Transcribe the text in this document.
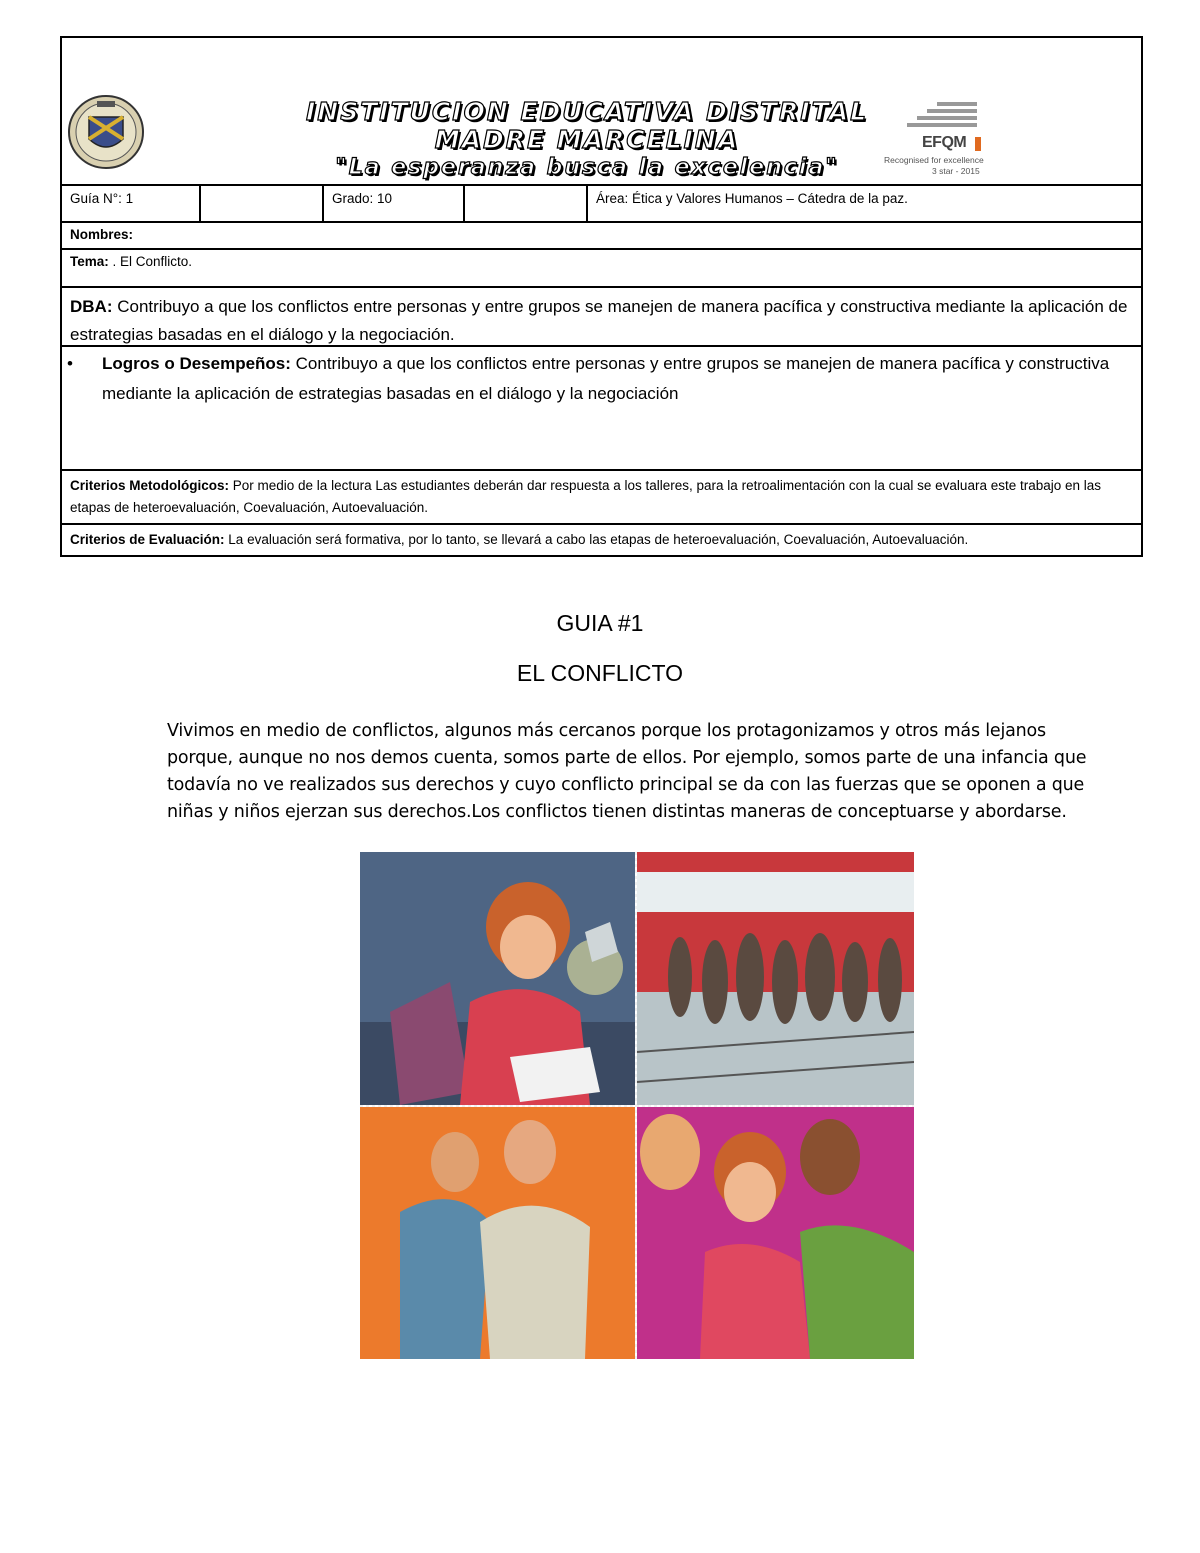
INSTITUCION EDUCATIVA DISTRITAL
MADRE MARCELINA
"La esperanza busca la excelencia"
EFQM
Recognised for excellence
3 star - 2015
Guía N°: 1	Grado: 10	Área: Ética y Valores Humanos – Cátedra de la paz.
Nombres:
Tema: . El Conflicto.
DBA: Contribuyo a que los conflictos entre personas y entre grupos se manejen de manera pacífica y constructiva mediante la aplicación de estrategias basadas en el diálogo y la negociación.
• Logros o Desempeños: Contribuyo a que los conflictos entre personas y entre grupos se manejen de manera pacífica y constructiva mediante la aplicación de estrategias basadas en el diálogo y la negociación
Criterios Metodológicos: Por medio de la lectura Las estudiantes deberán dar respuesta a los talleres, para la retroalimentación con la cual se evaluara este trabajo en las etapas de heteroevaluación, Coevaluación, Autoevaluación.
Criterios de Evaluación: La evaluación será formativa, por lo tanto, se llevará a cabo las etapas de heteroevaluación, Coevaluación, Autoevaluación.
GUIA #1
EL CONFLICTO
Vivimos en medio de conflictos, algunos más cercanos porque los protagonizamos y otros más lejanos porque, aunque no nos demos cuenta, somos parte de ellos. Por ejemplo, somos parte de una infancia que todavía no ve realizados sus derechos y cuyo conflicto principal se da con las fuerzas que se oponen a que niñas y niños ejerzan sus derechos.Los conflictos tienen distintas maneras de conceptuarse y abordarse.
